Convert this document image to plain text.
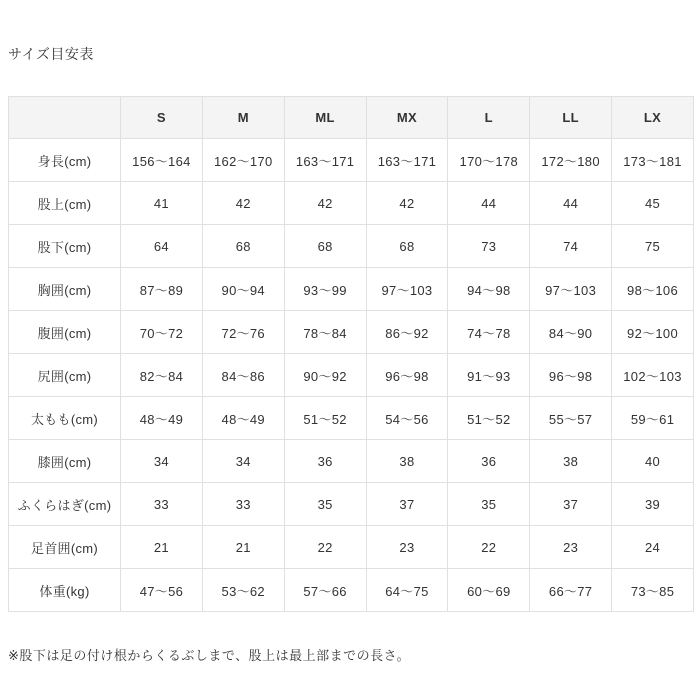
サイズ目安表
	S	M	ML	MX	L	LL	LX
身長(cm)	156〜164	162〜170	163〜171	163〜171	170〜178	172〜180	173〜181
股上(cm)	41	42	42	42	44	44	45
股下(cm)	64	68	68	68	73	74	75
胸囲(cm)	87〜89	90〜94	93〜99	97〜103	94〜98	97〜103	98〜106
腹囲(cm)	70〜72	72〜76	78〜84	86〜92	74〜78	84〜90	92〜100
尻囲(cm)	82〜84	84〜86	90〜92	96〜98	91〜93	96〜98	102〜103
太もも(cm)	48〜49	48〜49	51〜52	54〜56	51〜52	55〜57	59〜61
膝囲(cm)	34	34	36	38	36	38	40
ふくらはぎ(cm)	33	33	35	37	35	37	39
足首囲(cm)	21	21	22	23	22	23	24
体重(kg)	47〜56	53〜62	57〜66	64〜75	60〜69	66〜77	73〜85
※股下は足の付け根からくるぶしまで、股上は最上部までの長さ。
